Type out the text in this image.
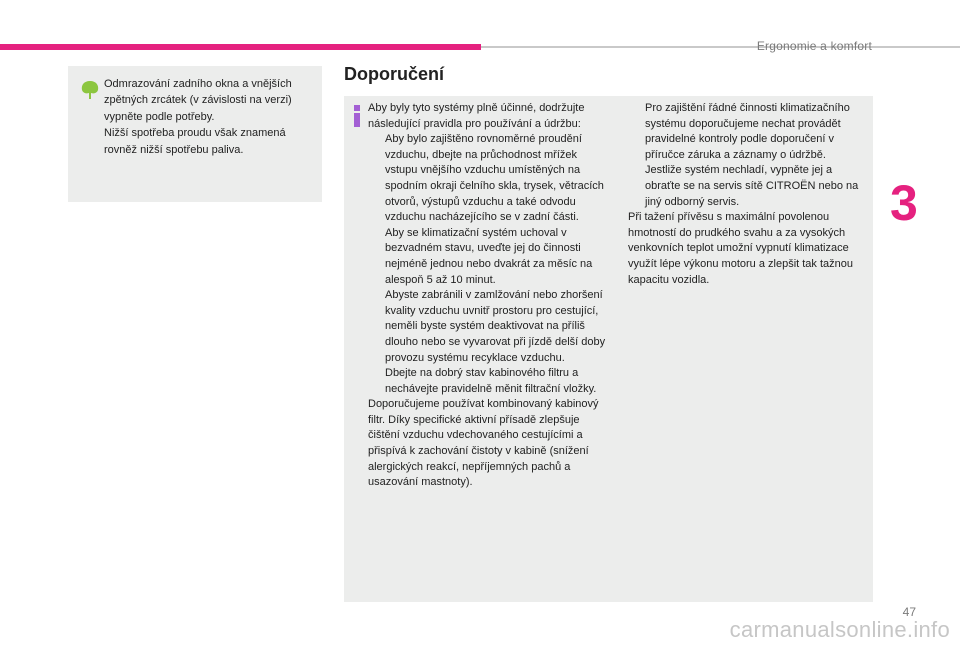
Ergonomie a komfort
3

Odmrazování zadního okna a vnějších zpětných zrcátek (v závislosti na verzi) vypněte podle potřeby.

Nižší spotřeba proudu však znamená rovněž nižší spotřebu paliva.

Doporučení

Aby byly tyto systémy plně účinné, dodržujte následující pravidla pro používání a údržbu:

Aby bylo zajištěno rovnoměrné proudění vzduchu, dbejte na průchodnost mřížek vstupu vnějšího vzduchu umístěných na spodním okraji čelního skla, trysek, větracích otvorů, výstupů vzduchu a také odvodu vzduchu nacházejícího se v zadní části.

Aby se klimatizační systém uchoval v bezvadném stavu, uveďte jej do činnosti nejméně jednou nebo dvakrát za měsíc na alespoň 5 až 10 minut.

Abyste zabránili v zamlžování nebo zhoršení kvality vzduchu uvnitř prostoru pro cestující, neměli byste systém deaktivovat na příliš dlouho nebo se vyvarovat při jízdě delší doby provozu systému recyklace vzduchu.

Dbejte na dobrý stav kabinového filtru a nechávejte pravidelně měnit filtrační vložky.

Doporučujeme používat kombinovaný kabinový filtr. Díky specifické aktivní přísadě zlepšuje čištění vzduchu vdechovaného cestujícími a přispívá k zachování čistoty v kabině (snížení alergických reakcí, nepříjemných pachů a usazování mastnoty).

Pro zajištění řádné činnosti klimatizačního systému doporučujeme nechat provádět pravidelné kontroly podle doporučení v příručce záruka a záznamy o údržbě.

Jestliže systém nechladí, vypněte jej a obraťte se na servis sítě CITROËN nebo na jiný odborný servis.

Při tažení přívěsu s maximální povolenou hmotností do prudkého svahu a za vysokých venkovních teplot umožní vypnutí klimatizace využít lépe výkonu motoru a zlepšit tak tažnou kapacitu vozidla.

47
carmanualsonline.info
